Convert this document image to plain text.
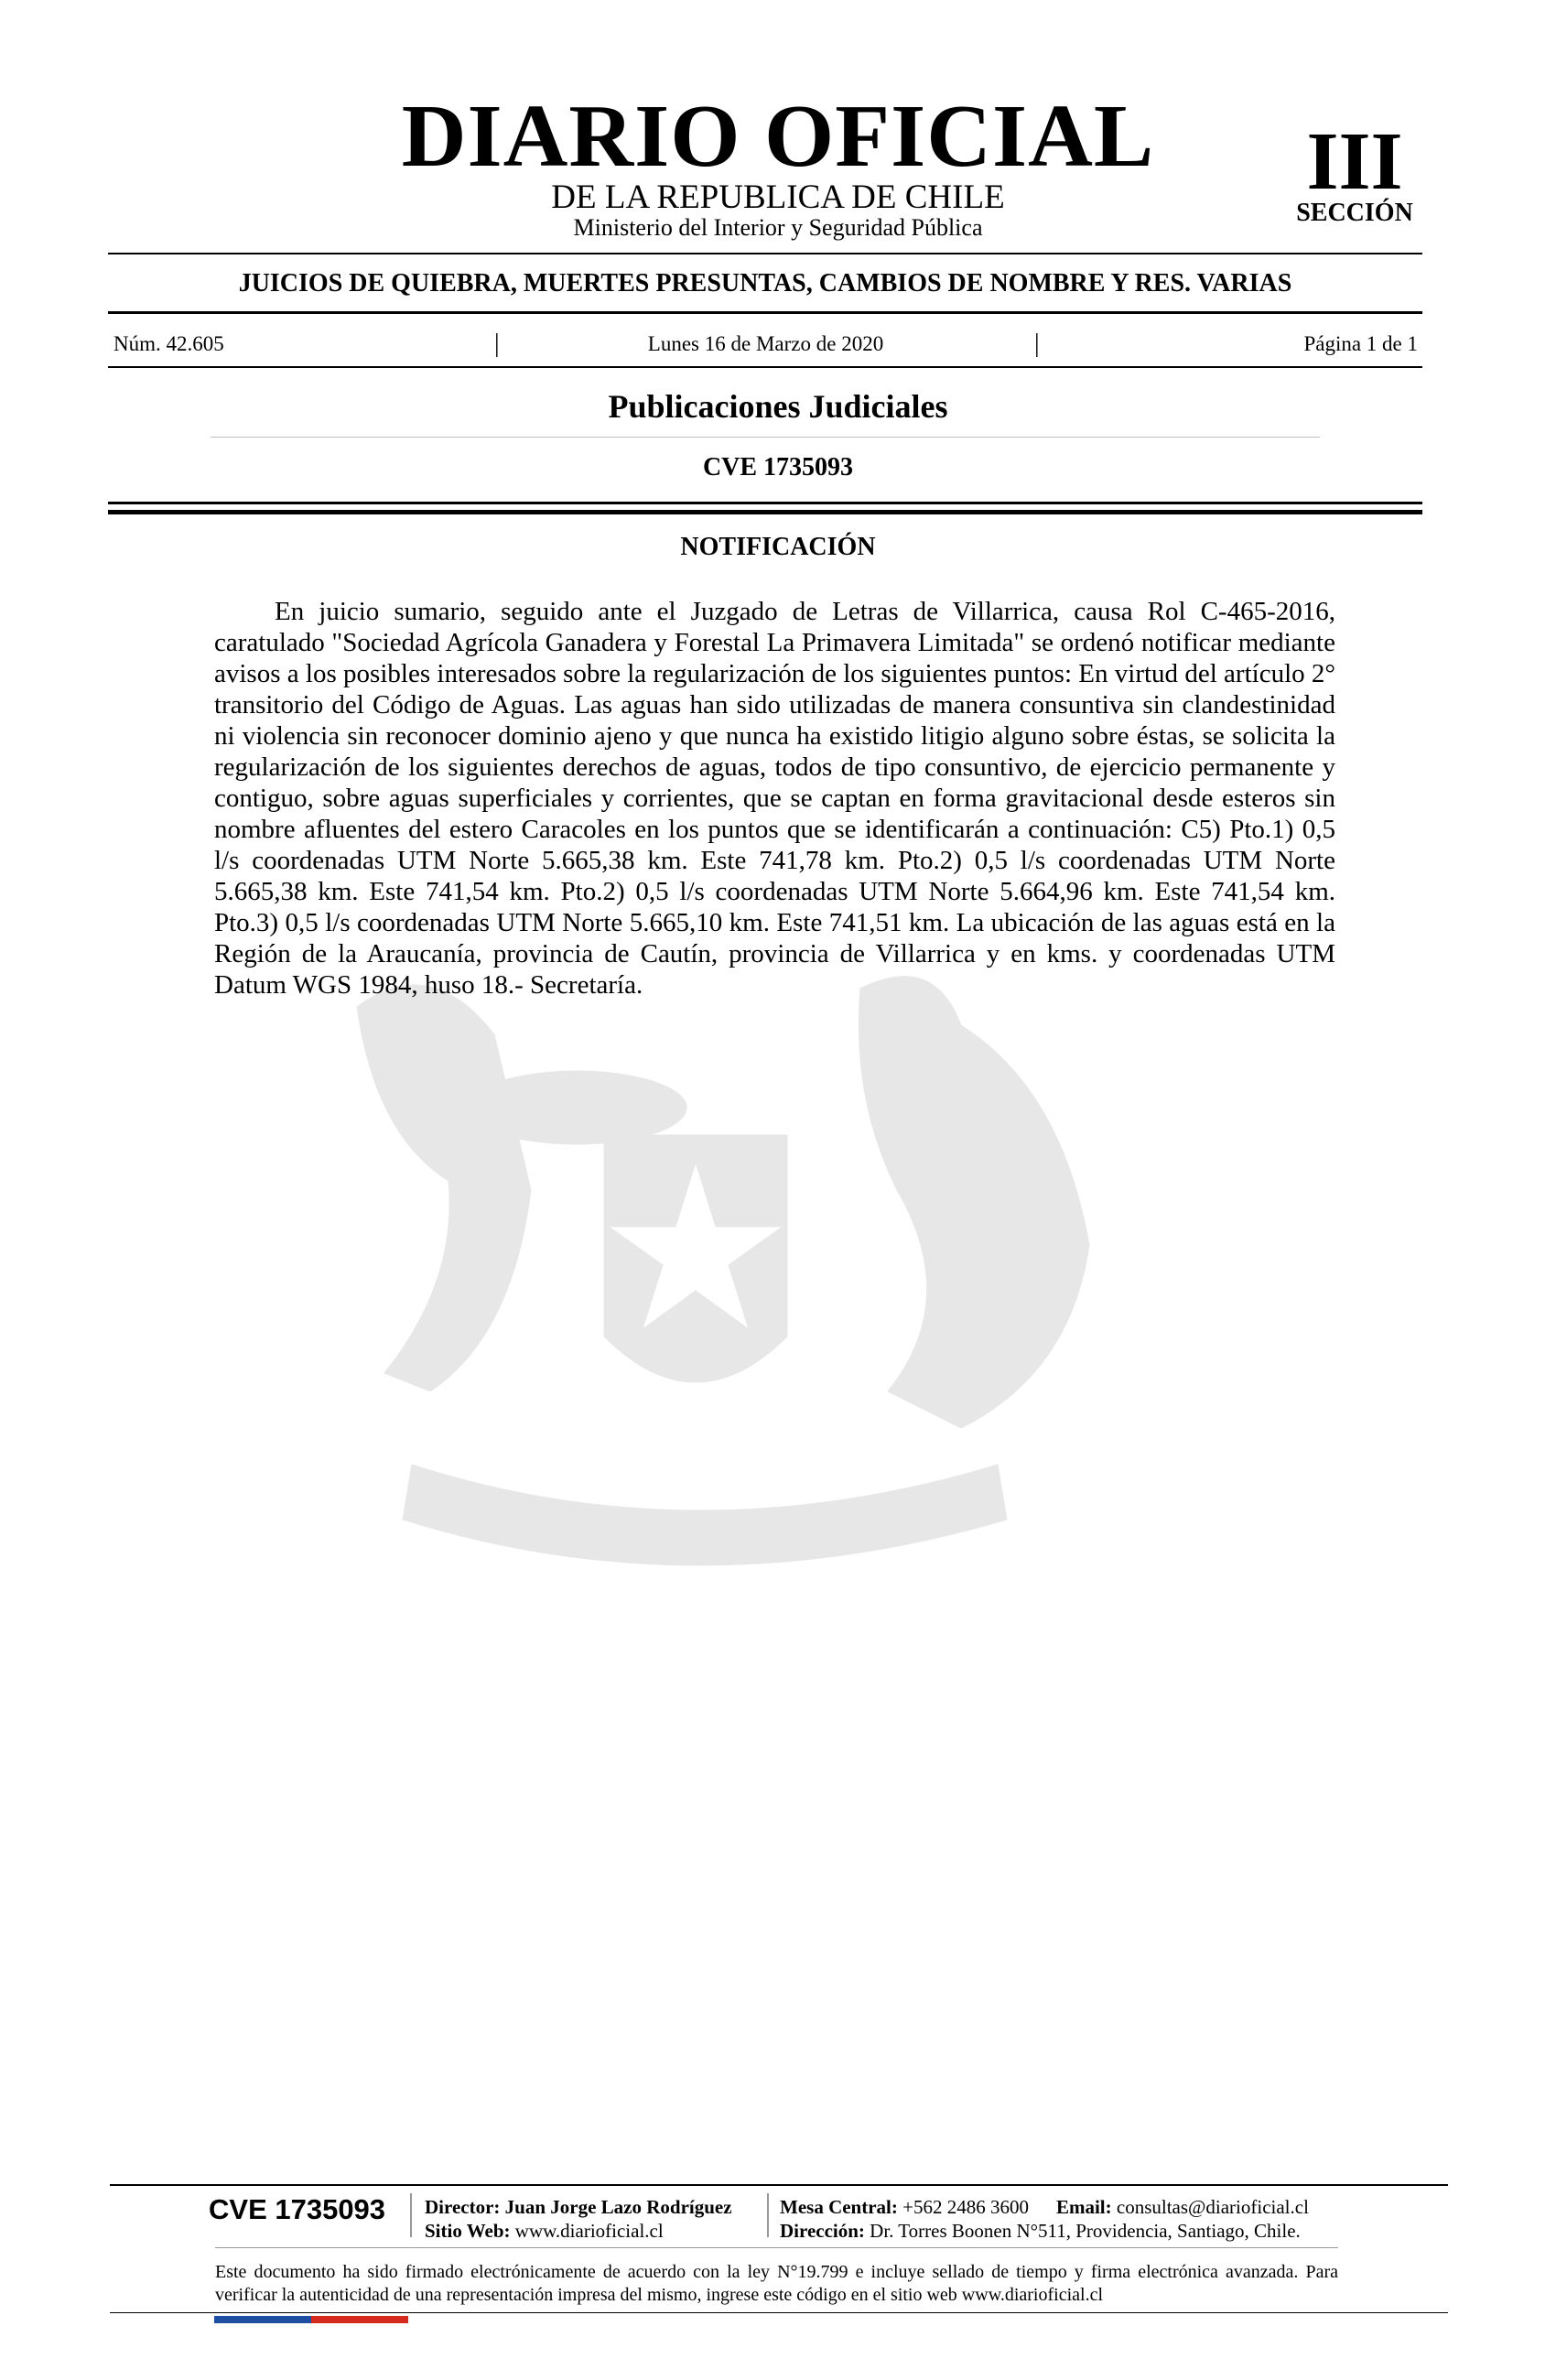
DIARIO OFICIAL
DE LA REPUBLICA DE CHILE
Ministerio del Interior y Seguridad Pública
III
SECCIÓN
JUICIOS DE QUIEBRA, MUERTES PRESUNTAS, CAMBIOS DE NOMBRE Y RES. VARIAS
Núm. 42.605	|	Lunes 16 de Marzo de 2020	|	Página 1 de 1
Publicaciones Judiciales
CVE 1735093
NOTIFICACIÓN
En juicio sumario, seguido ante el Juzgado de Letras de Villarrica, causa Rol C-465-2016, caratulado "Sociedad Agrícola Ganadera y Forestal La Primavera Limitada" se ordenó notificar mediante avisos a los posibles interesados sobre la regularización de los siguientes puntos: En virtud del artículo 2° transitorio del Código de Aguas. Las aguas han sido utilizadas de manera consuntiva sin clandestinidad ni violencia sin reconocer dominio ajeno y que nunca ha existido litigio alguno sobre éstas, se solicita la regularización de los siguientes derechos de aguas, todos de tipo consuntivo, de ejercicio permanente y contiguo, sobre aguas superficiales y corrientes, que se captan en forma gravitacional desde esteros sin nombre afluentes del estero Caracoles en los puntos que se identificarán a continuación: C5) Pto.1) 0,5 l/s coordenadas UTM Norte 5.665,38 km. Este 741,78 km. Pto.2) 0,5 l/s coordenadas UTM Norte 5.665,38 km. Este 741,54 km. Pto.2) 0,5 l/s coordenadas UTM Norte 5.664,96 km. Este 741,54 km. Pto.3) 0,5 l/s coordenadas UTM Norte 5.665,10 km. Este 741,51 km. La ubicación de las aguas está en la Región de la Araucanía, provincia de Cautín, provincia de Villarrica y en kms. y coordenadas UTM Datum WGS 1984, huso 18.- Secretaría.
CVE 1735093 Director: Juan Jorge Lazo Rodríguez
Sitio Web: www.diarioficial.cl
Mesa Central: +562 2486 3600 Email: consultas@diarioficial.cl
Dirección: Dr. Torres Boonen N°511, Providencia, Santiago, Chile.
Este documento ha sido firmado electrónicamente de acuerdo con la ley N°19.799 e incluye sellado de tiempo y firma electrónica avanzada. Para verificar la autenticidad de una representación impresa del mismo, ingrese este código en el sitio web www.diarioficial.cl
